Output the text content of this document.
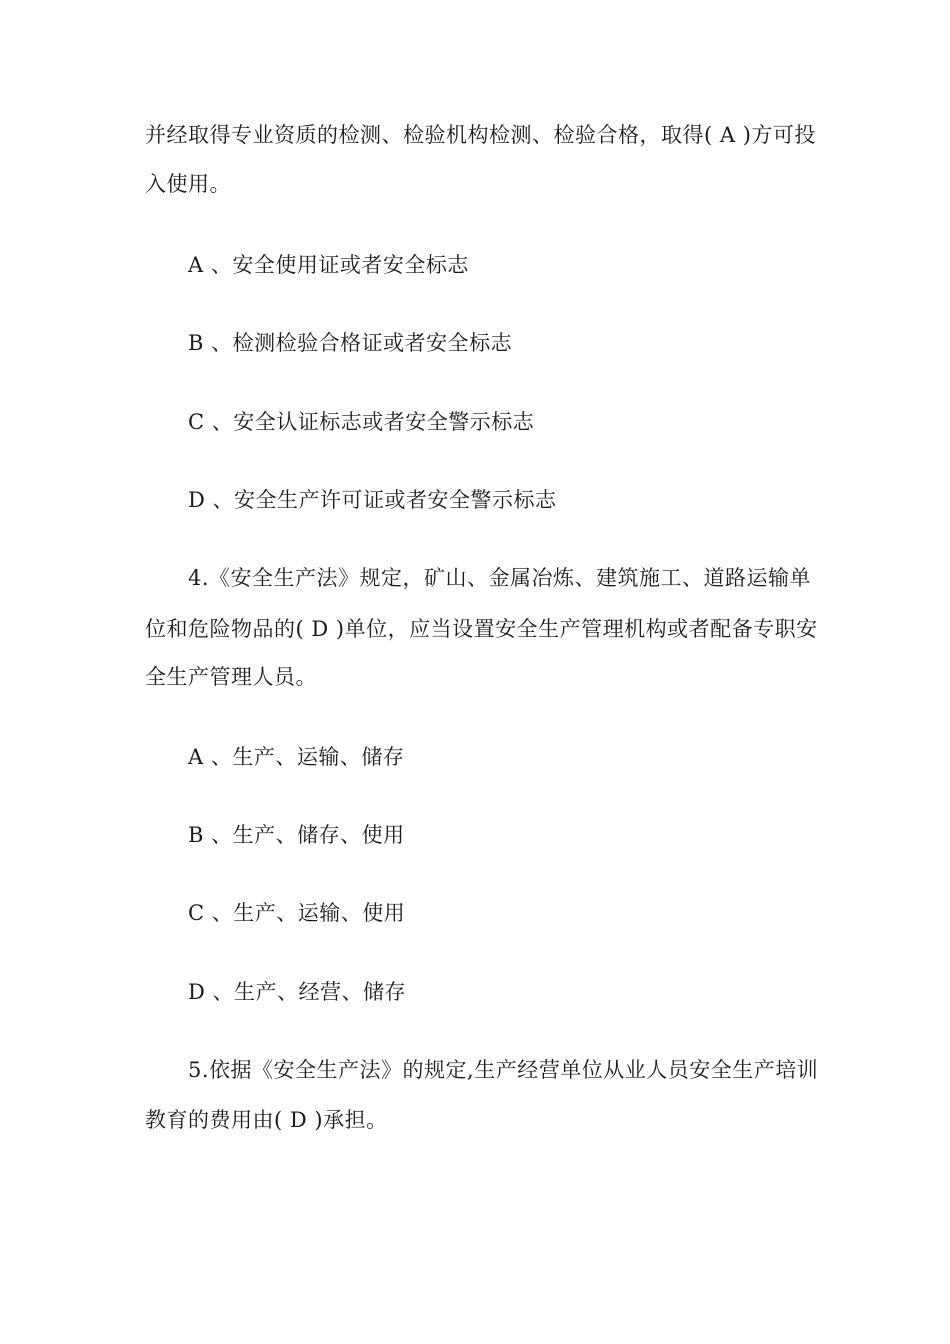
并经取得专业资质的检测、检验机构检测、检验合格，取得( A )方可投
入使用。
A 、安全使用证或者安全标志
B 、检测检验合格证或者安全标志
C 、安全认证标志或者安全警示标志
D 、安全生产许可证或者安全警示标志
4.《安全生产法》规定，矿山、金属冶炼、建筑施工、道路运输单
位和危险物品的( D )单位，应当设置安全生产管理机构或者配备专职安
全生产管理人员。
A 、生产、运输、储存
B 、生产、储存、使用
C 、生产、运输、使用
D 、生产、经营、储存
5.依据《安全生产法》的规定,生产经营单位从业人员安全生产培训
教育的费用由( D )承担。
